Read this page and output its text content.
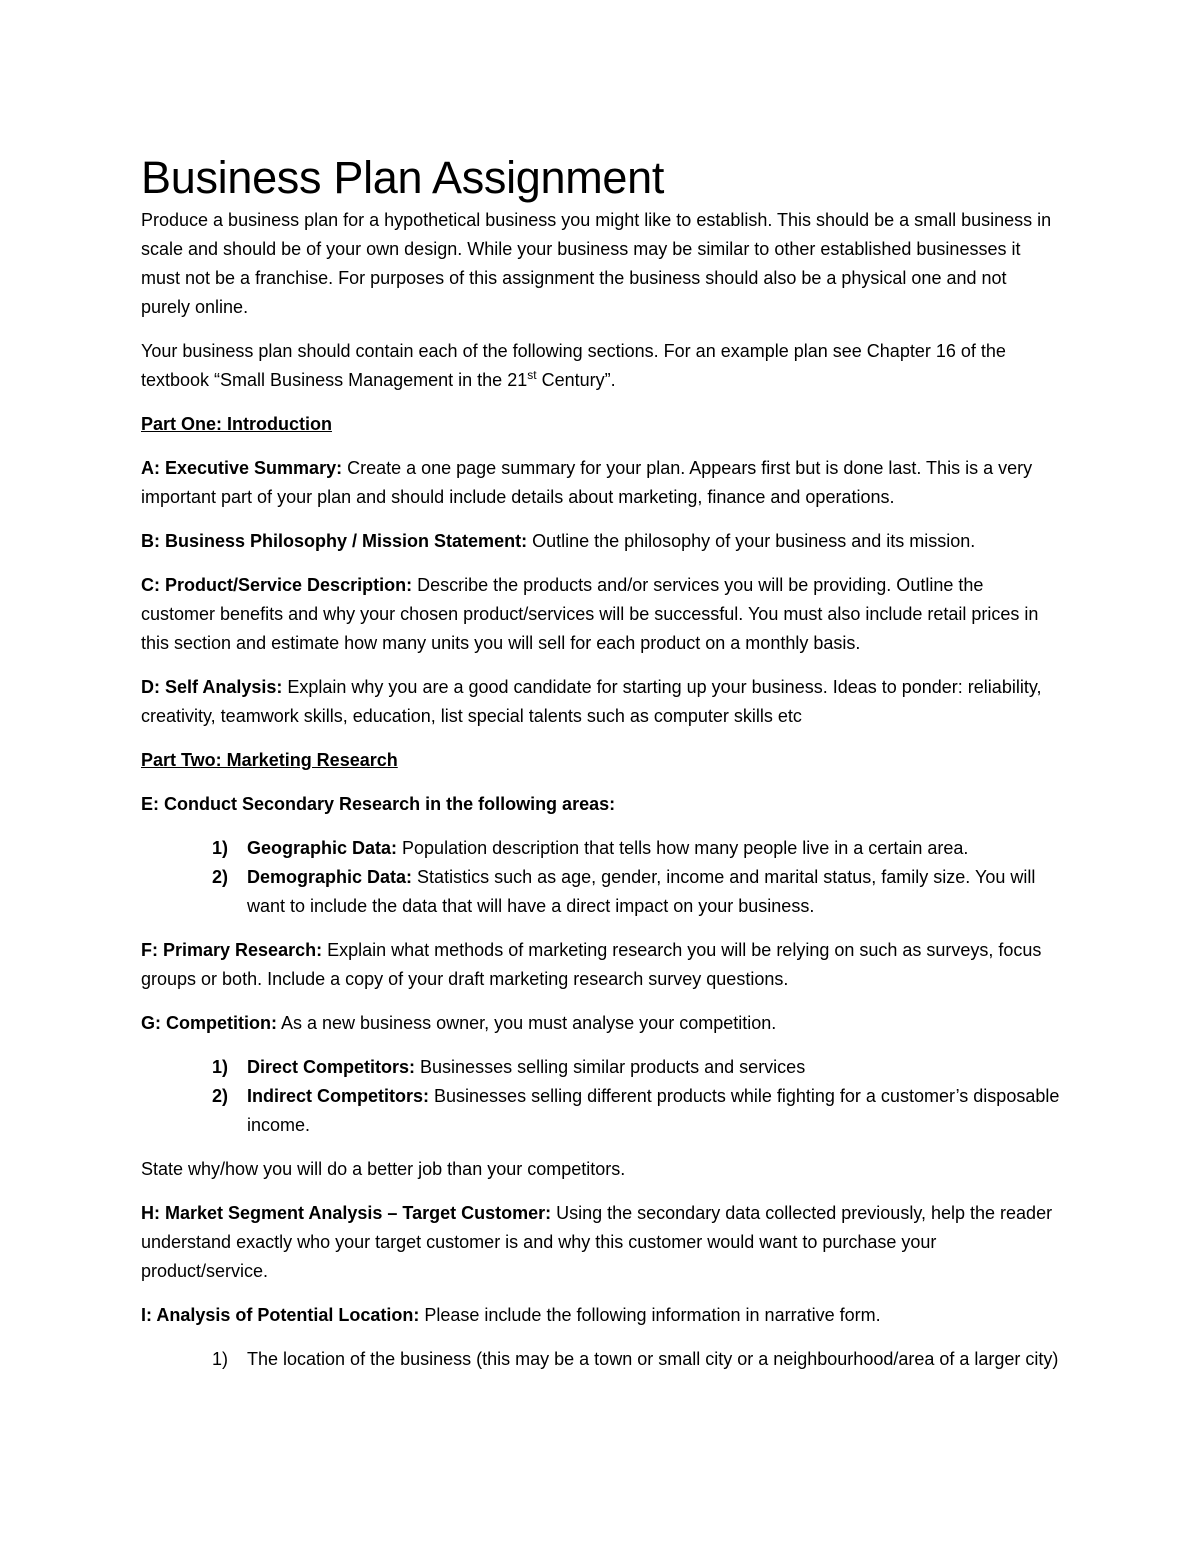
Business Plan Assignment

Produce a business plan for a hypothetical business you might like to establish. This should be a small business in scale and should be of your own design. While your business may be similar to other established businesses it must not be a franchise. For purposes of this assignment the business should also be a physical one and not purely online.

Your business plan should contain each of the following sections. For an example plan see Chapter 16 of the textbook “Small Business Management in the 21st Century”.

Part One: Introduction

A: Executive Summary: Create a one page summary for your plan. Appears first but is done last. This is a very important part of your plan and should include details about marketing, finance and operations.

B: Business Philosophy / Mission Statement: Outline the philosophy of your business and its mission.

C: Product/Service Description: Describe the products and/or services you will be providing. Outline the customer benefits and why your chosen product/services will be successful. You must also include retail prices in this section and estimate how many units you will sell for each product on a monthly basis.

D: Self Analysis: Explain why you are a good candidate for starting up your business. Ideas to ponder: reliability, creativity, teamwork skills, education, list special talents such as computer skills etc

Part Two: Marketing Research

E: Conduct Secondary Research in the following areas:

1) Geographic Data: Population description that tells how many people live in a certain area.
2) Demographic Data: Statistics such as age, gender, income and marital status, family size. You will want to include the data that will have a direct impact on your business.

F: Primary Research: Explain what methods of marketing research you will be relying on such as surveys, focus groups or both. Include a copy of your draft marketing research survey questions.

G: Competition: As a new business owner, you must analyse your competition.

1) Direct Competitors: Businesses selling similar products and services
2) Indirect Competitors: Businesses selling different products while fighting for a customer’s disposable income.

State why/how you will do a better job than your competitors.

H: Market Segment Analysis – Target Customer: Using the secondary data collected previously, help the reader understand exactly who your target customer is and why this customer would want to purchase your product/service.

I: Analysis of Potential Location: Please include the following information in narrative form.

1) The location of the business (this may be a town or small city or a neighbourhood/area of a larger city)
